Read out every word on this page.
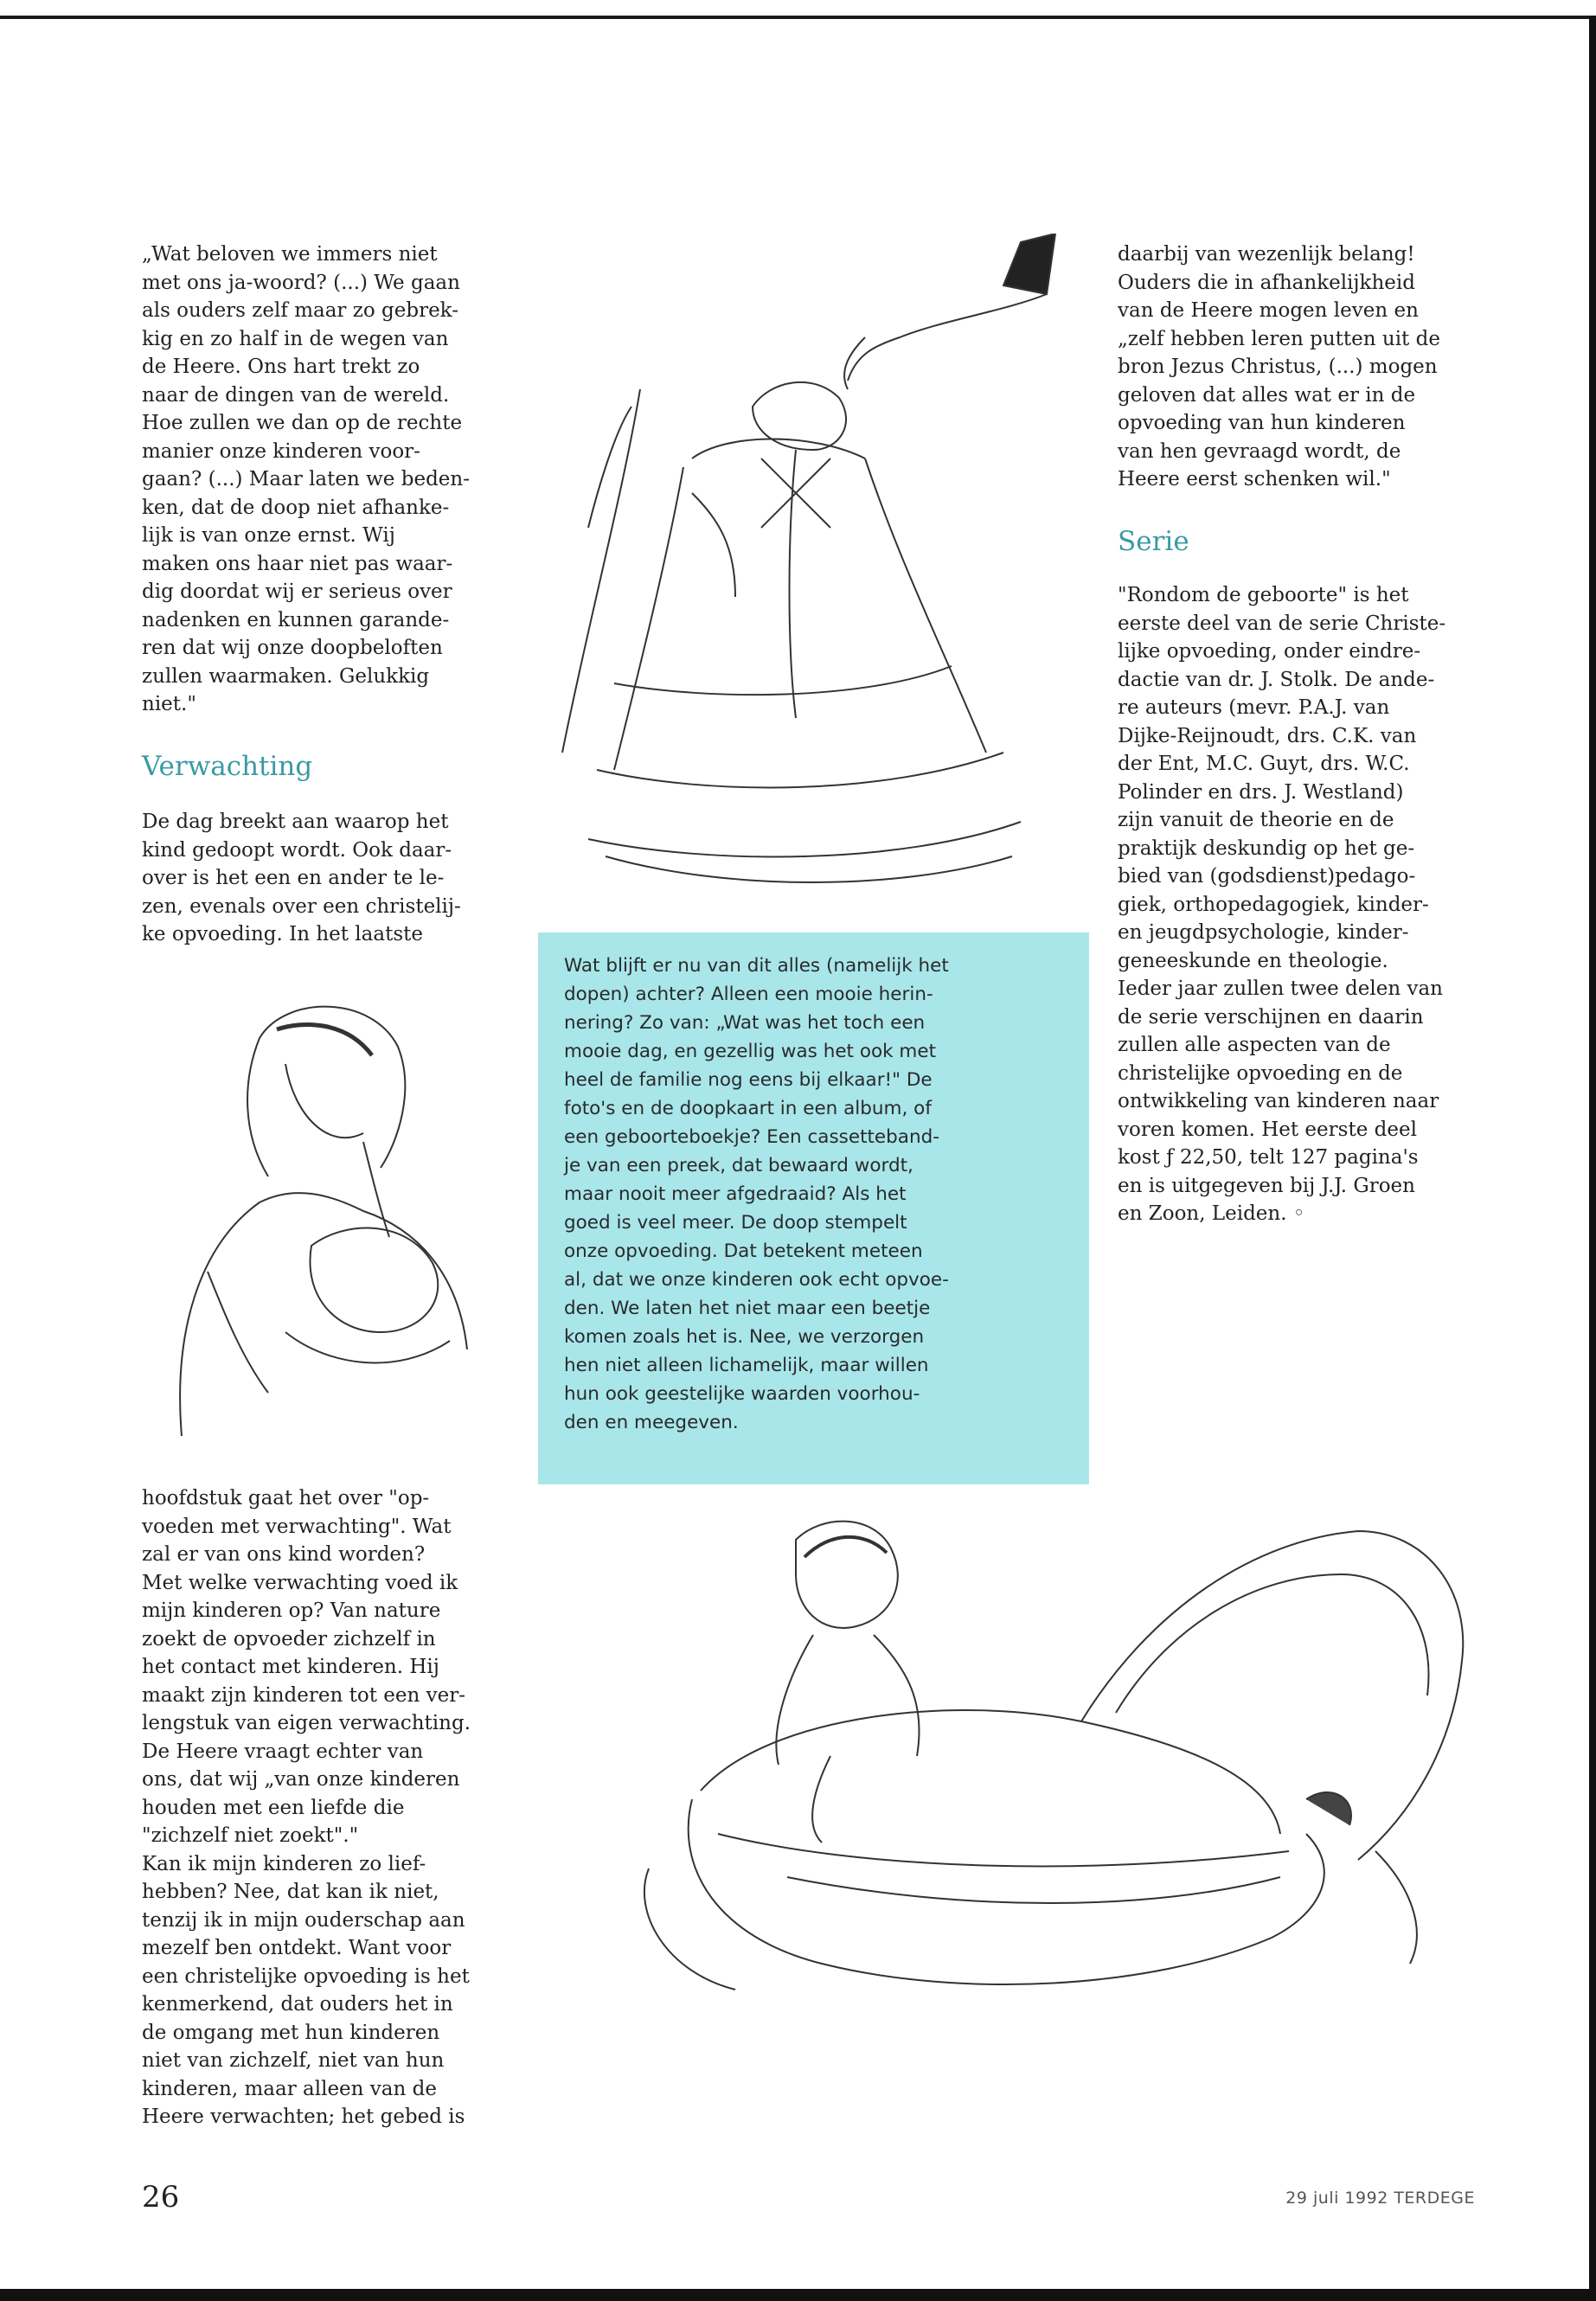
„Wat beloven we immers niet
met ons ja-woord? (...) We gaan
als ouders zelf maar zo gebrek-
kig en zo half in de wegen van
de Heere. Ons hart trekt zo
naar de dingen van de wereld.
Hoe zullen we dan op de rechte
manier onze kinderen voor-
gaan? (...) Maar laten we beden-
ken, dat de doop niet afhanke-
lijk is van onze ernst. Wij
maken ons haar niet pas waar-
dig doordat wij er serieus over
nadenken en kunnen garande-
ren dat wij onze doopbeloften
zullen waarmaken. Gelukkig
niet."
Verwachting
De dag breekt aan waarop het
kind gedoopt wordt. Ook daar-
over is het een en ander te le-
zen, evenals over een christelij-
ke opvoeding. In het laatste
hoofdstuk gaat het over "op-
voeden met verwachting". Wat
zal er van ons kind worden?
Met welke verwachting voed ik
mijn kinderen op? Van nature
zoekt de opvoeder zichzelf in
het contact met kinderen. Hij
maakt zijn kinderen tot een ver-
lengstuk van eigen verwachting.
De Heere vraagt echter van
ons, dat wij „van onze kinderen
houden met een liefde die
"zichzelf niet zoekt"."
Kan ik mijn kinderen zo lief-
hebben? Nee, dat kan ik niet,
tenzij ik in mijn ouderschap aan
mezelf ben ontdekt. Want voor
een christelijke opvoeding is het
kenmerkend, dat ouders het in
de omgang met hun kinderen
niet van zichzelf, niet van hun
kinderen, maar alleen van de
Heere verwachten; het gebed is
Wat blijft er nu van dit alles (namelijk het
dopen) achter? Alleen een mooie herin-
nering? Zo van: „Wat was het toch een
mooie dag, en gezellig was het ook met
heel de familie nog eens bij elkaar!" De
foto's en de doopkaart in een album, of
een geboorteboekje? Een cassetteband-
je van een preek, dat bewaard wordt,
maar nooit meer afgedraaid? Als het
goed is veel meer. De doop stempelt
onze opvoeding. Dat betekent meteen
al, dat we onze kinderen ook echt opvoe-
den. We laten het niet maar een beetje
komen zoals het is. Nee, we verzorgen
hen niet alleen lichamelijk, maar willen
hun ook geestelijke waarden voorhou-
den en meegeven.
daarbij van wezenlijk belang!
Ouders die in afhankelijkheid
van de Heere mogen leven en
„zelf hebben leren putten uit de
bron Jezus Christus, (...) mogen
geloven dat alles wat er in de
opvoeding van hun kinderen
van hen gevraagd wordt, de
Heere eerst schenken wil."
Serie
"Rondom de geboorte" is het
eerste deel van de serie Christe-
lijke opvoeding, onder eindre-
dactie van dr. J. Stolk. De ande-
re auteurs (mevr. P.A.J. van
Dijke-Reijnoudt, drs. C.K. van
der Ent, M.C. Guyt, drs. W.C.
Polinder en drs. J. Westland)
zijn vanuit de theorie en de
praktijk deskundig op het ge-
bied van (godsdienst)pedago-
giek, orthopedagogiek, kinder-
en jeugdpsychologie, kinder-
geneeskunde en theologie.
Ieder jaar zullen twee delen van
de serie verschijnen en daarin
zullen alle aspecten van de
christelijke opvoeding en de
ontwikkeling van kinderen naar
voren komen. Het eerste deel
kost ƒ 22,50, telt 127 pagina's
en is uitgegeven bij J.J. Groen
en Zoon, Leiden. ◦
26	29 juli 1992 TERDEGE
